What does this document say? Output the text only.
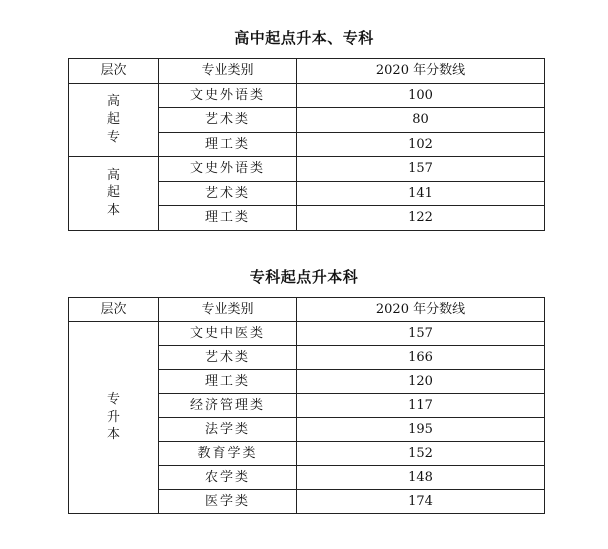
高中起点升本、专科
层次	专业类别	2020 年分数线

高
起
专	文史外语类	100
	艺术类	80
	理工类	102

高
起
本	文史外语类	157
	艺术类	141
	理工类	122
专科起点升本科
层次	专业类别	2020 年分数线

专
升
本	文史中医类	157
	艺术类	166
	理工类	120
	经济管理类	117
	法学类	195
	教育学类	152
	农学类	148
	医学类	174
